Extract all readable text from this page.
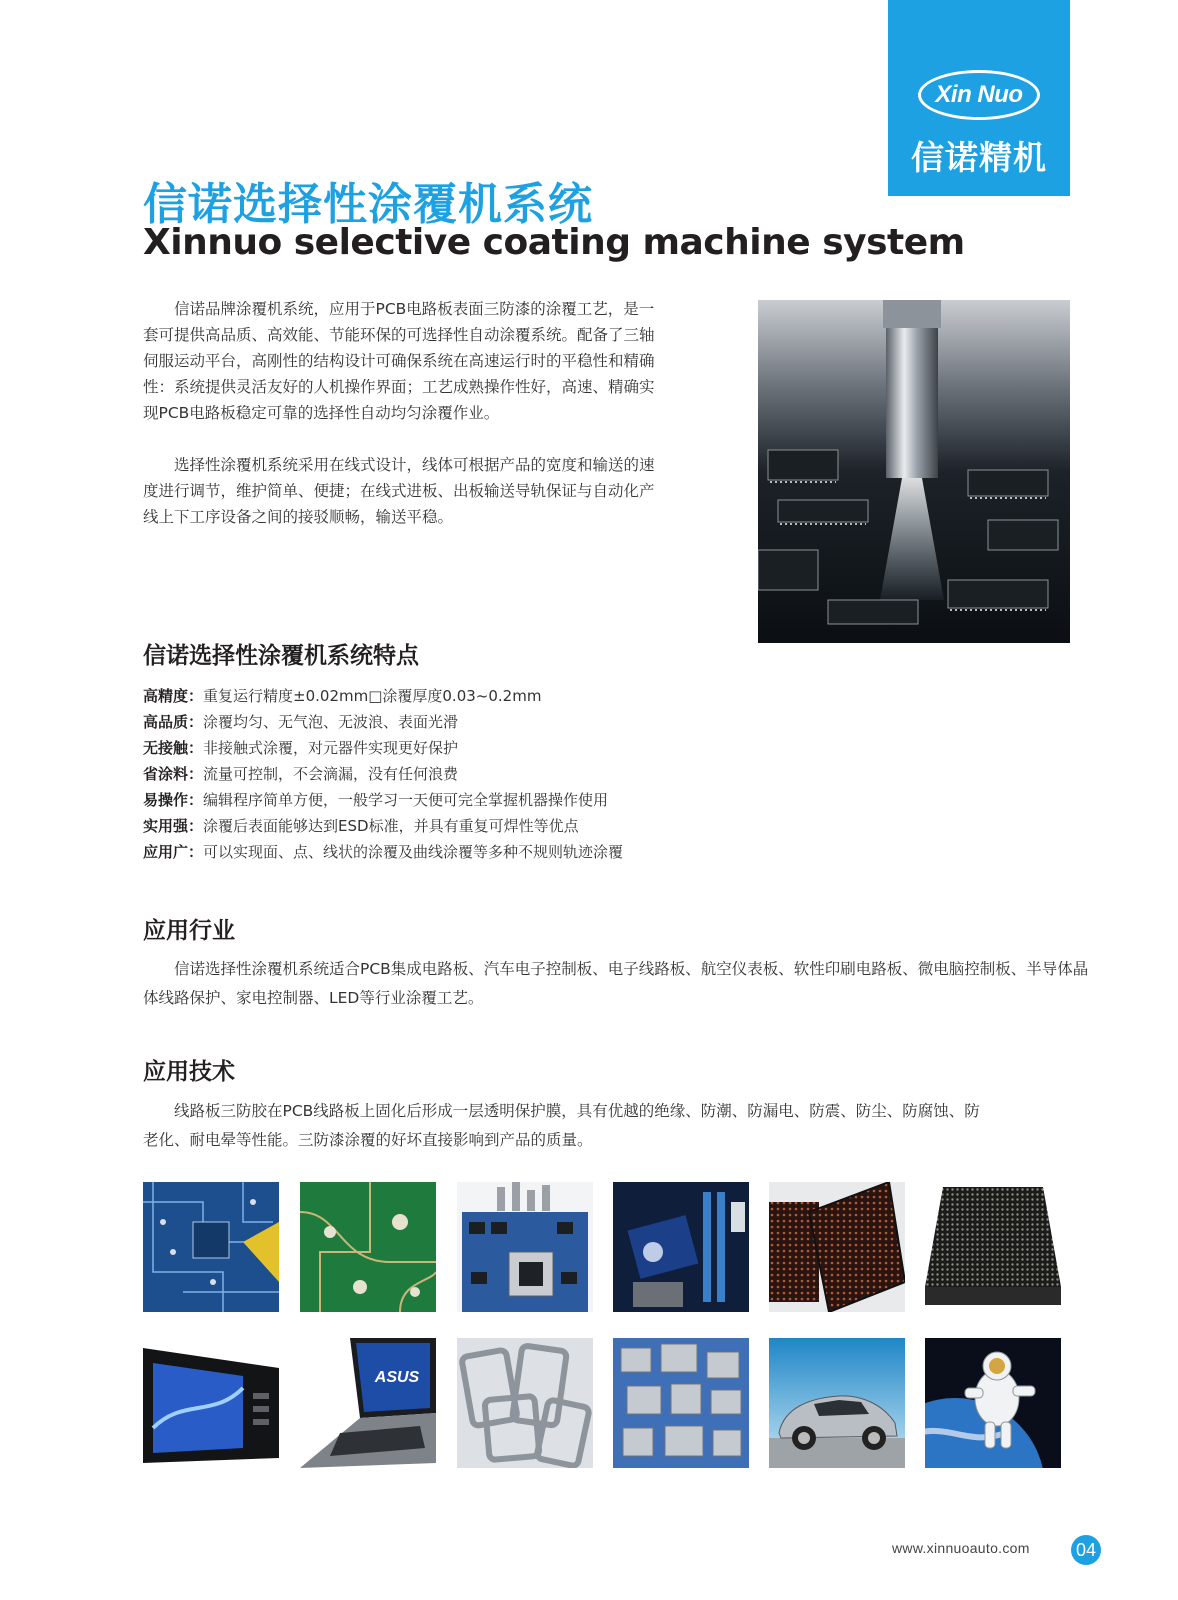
Xin Nuo
信诺精机
信诺选择性涂覆机系统
Xinnuo selective coating machine system

信诺品牌涂覆机系统，应用于PCB电路板表面三防漆的涂覆工艺，是一套可提供高品质、高效能、节能环保的可选择性自动涂覆系统。配备了三轴伺服运动平台，高刚性的结构设计可确保系统在高速运行时的平稳性和精确性：系统提供灵活友好的人机操作界面；工艺成熟操作性好，高速、精确实现PCB电路板稳定可靠的选择性自动均匀涂覆作业。

选择性涂覆机系统采用在线式设计，线体可根据产品的宽度和输送的速度进行调节，维护简单、便捷；在线式进板、出板输送导轨保证与自动化产线上下工序设备之间的接驳顺畅，输送平稳。

信诺选择性涂覆机系统特点
高精度：重复运行精度±0.02mm□涂覆厚度0.03~0.2mm
高品质：涂覆均匀、无气泡、无波浪、表面光滑
无接触：非接触式涂覆，对元器件实现更好保护
省涂料：流量可控制，不会滴漏，没有任何浪费
易操作：编辑程序简单方便，一般学习一天便可完全掌握机器操作使用
实用强：涂覆后表面能够达到ESD标准，并具有重复可焊性等优点
应用广：可以实现面、点、线状的涂覆及曲线涂覆等多种不规则轨迹涂覆
应用行业

信诺选择性涂覆机系统适合PCB集成电路板、汽车电子控制板、电子线路板、航空仪表板、软性印刷电路板、微电脑控制板、半导体晶体线路保护、家电控制器、LED等行业涂覆工艺。

应用技术

线路板三防胶在PCB线路板上固化后形成一层透明保护膜，具有优越的绝缘、防潮、防漏电、防震、防尘、防腐蚀、防老化、耐电晕等性能。三防漆涂覆的好坏直接影响到产品的质量。

ASUS
www.xinnuoauto.com	04
